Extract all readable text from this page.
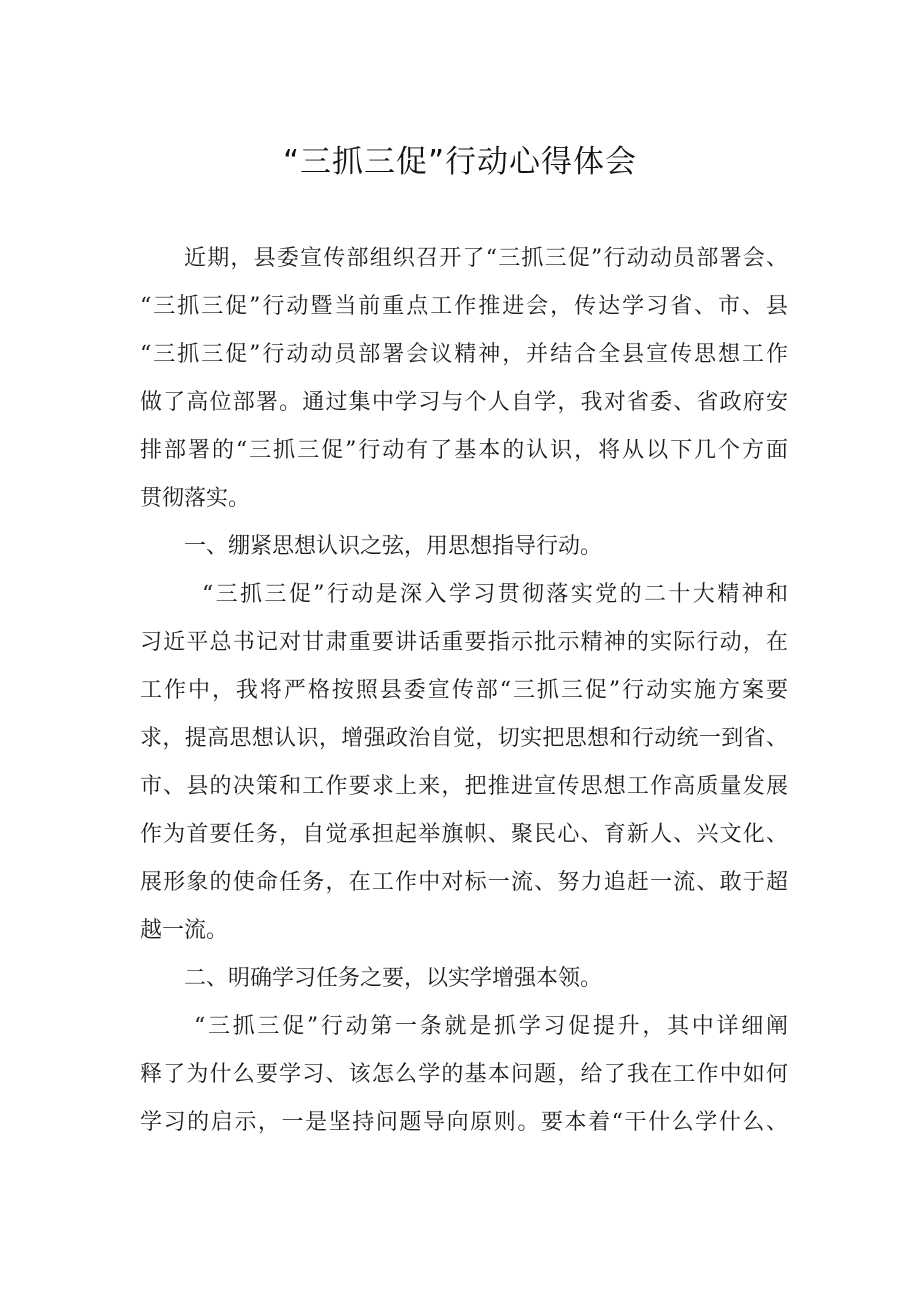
“三抓三促”行动心得体会
近期，县委宣传部组织召开了“三抓三促”行动动员部署会、
“三抓三促”行动暨当前重点工作推进会，传达学习省、市、县
“三抓三促”行动动员部署会议精神，并结合全县宣传思想工作
做了高位部署。通过集中学习与个人自学，我对省委、省政府安
排部署的“三抓三促”行动有了基本的认识，将从以下几个方面
贯彻落实。
一、绷紧思想认识之弦，用思想指导行动。
“三抓三促”行动是深入学习贯彻落实党的二十大精神和
习近平总书记对甘肃重要讲话重要指示批示精神的实际行动，在
工作中，我将严格按照县委宣传部“三抓三促”行动实施方案要
求，提高思想认识，增强政治自觉，切实把思想和行动统一到省、
市、县的决策和工作要求上来，把推进宣传思想工作高质量发展
作为首要任务，自觉承担起举旗帜、聚民心、育新人、兴文化、
展形象的使命任务，在工作中对标一流、努力追赶一流、敢于超
越一流。
二、明确学习任务之要，以实学增强本领。
“三抓三促”行动第一条就是抓学习促提升，其中详细阐
释了为什么要学习、该怎么学的基本问题，给了我在工作中如何
学习的启示，一是坚持问题导向原则。要本着“干什么学什么、
